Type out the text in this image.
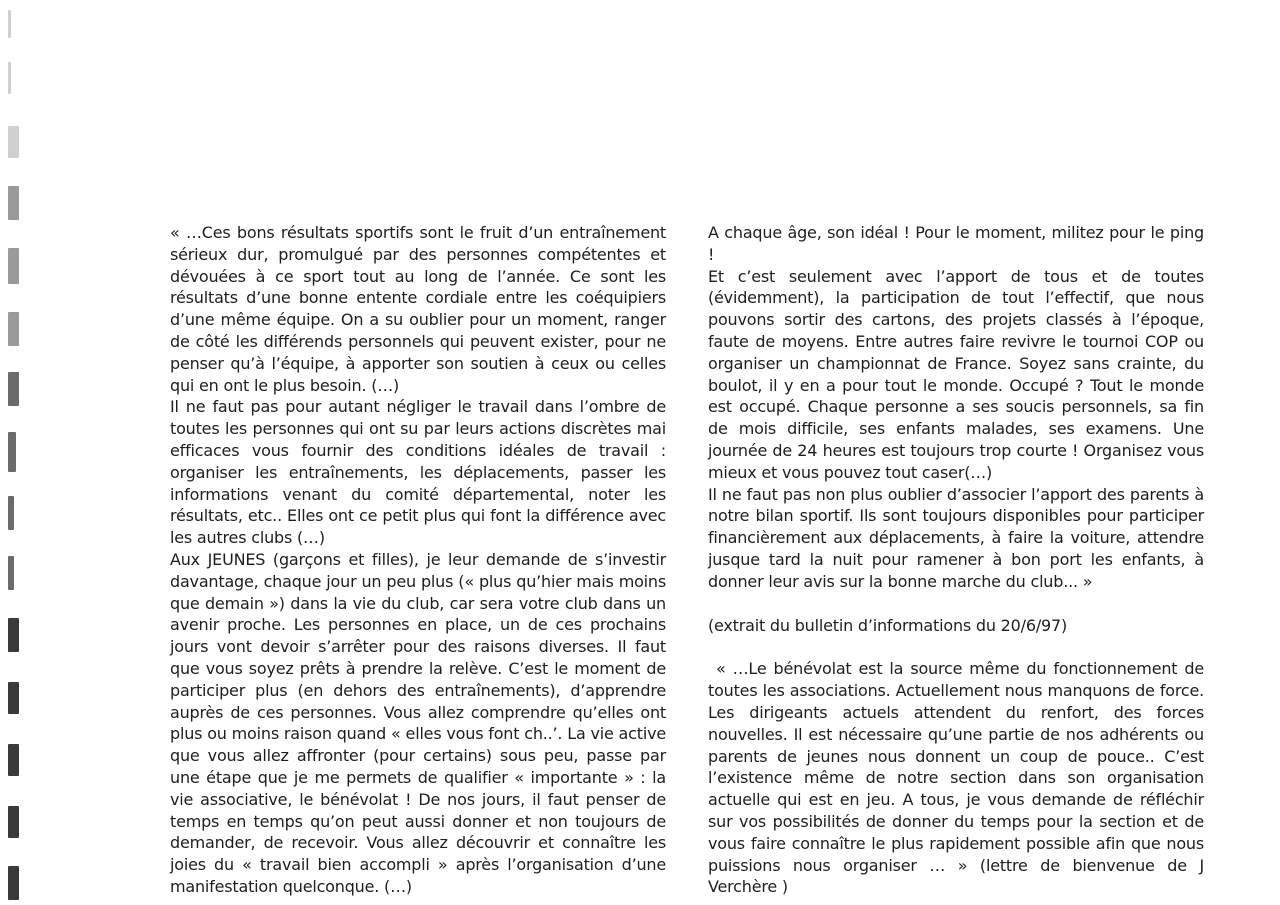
« …Ces bons résultats sportifs sont le fruit d’un entraînement sérieux dur, promulgué par des personnes compétentes et dévouées à ce sport tout au long de l’année. Ce sont les résultats d’une bonne entente cordiale entre les coéquipiers d’une même équipe. On a su oublier pour un moment, ranger de côté les différends personnels qui peuvent exister, pour ne penser qu’à l’équipe, à apporter son soutien à ceux ou celles qui en ont le plus besoin. (…)

Il ne faut pas pour autant négliger le travail dans l’ombre de toutes les personnes qui ont su par leurs actions discrètes mai efficaces vous fournir des conditions idéales de travail : organiser les entraînements, les déplacements, passer les informations venant du comité départemental, noter les résultats, etc.. Elles ont ce petit plus qui font la différence avec les autres clubs (…)

Aux JEUNES (garçons et filles), je leur demande de s’investir davantage, chaque jour un peu plus (« plus qu’hier mais moins que demain ») dans la vie du club, car sera votre club dans un avenir proche. Les personnes en place, un de ces prochains jours vont devoir s’arrêter pour des raisons diverses. Il faut que vous soyez prêts à prendre la relève. C’est le moment de participer plus (en dehors des entraînements), d’apprendre auprès de ces personnes. Vous allez comprendre qu’elles ont plus ou moins raison quand « elles vous font ch..’. La vie active que vous allez affronter (pour certains) sous peu, passe par une étape que je me permets de qualifier « importante » : la vie associative, le bénévolat ! De nos jours, il faut penser de temps en temps qu’on peut aussi donner et non toujours de demander, de recevoir. Vous allez découvrir et connaître les joies du « travail bien accompli » après l’organisation d’une manifestation quelconque. (…)

A chaque âge, son idéal ! Pour le moment, militez pour le ping !

Et c’est seulement avec l’apport de tous et de toutes (évidemment), la participation de tout l’effectif, que nous pouvons sortir des cartons, des projets classés à l’époque, faute de moyens. Entre autres faire revivre le tournoi COP ou organiser un championnat de France. Soyez sans crainte, du boulot, il y en a pour tout le monde. Occupé ? Tout le monde est occupé. Chaque personne a ses soucis personnels, sa fin de mois difficile, ses enfants malades, ses examens. Une journée de 24 heures est toujours trop courte ! Organisez vous mieux et vous pouvez tout caser(…)

Il ne faut pas non plus oublier d’associer l’apport des parents à notre bilan sportif. Ils sont toujours disponibles pour participer financièrement aux déplacements, à faire la voiture, attendre jusque tard la nuit pour ramener à bon port les enfants, à donner leur avis sur la bonne marche du club... »

(extrait du bulletin d’informations du 20/6/97)

« …Le bénévolat est la source même du fonctionnement de toutes les associations. Actuellement nous manquons de force. Les dirigeants actuels attendent du renfort, des forces nouvelles. Il est nécessaire qu’une partie de nos adhérents ou parents de jeunes nous donnent un coup de pouce.. C’est l’existence même de notre section dans son organisation actuelle qui est en jeu. A tous, je vous demande de réfléchir sur vos possibilités de donner du temps pour la section et de vous faire connaître le plus rapidement possible afin que nous puissions nous organiser … » (lettre de bienvenue de J Verchère )
